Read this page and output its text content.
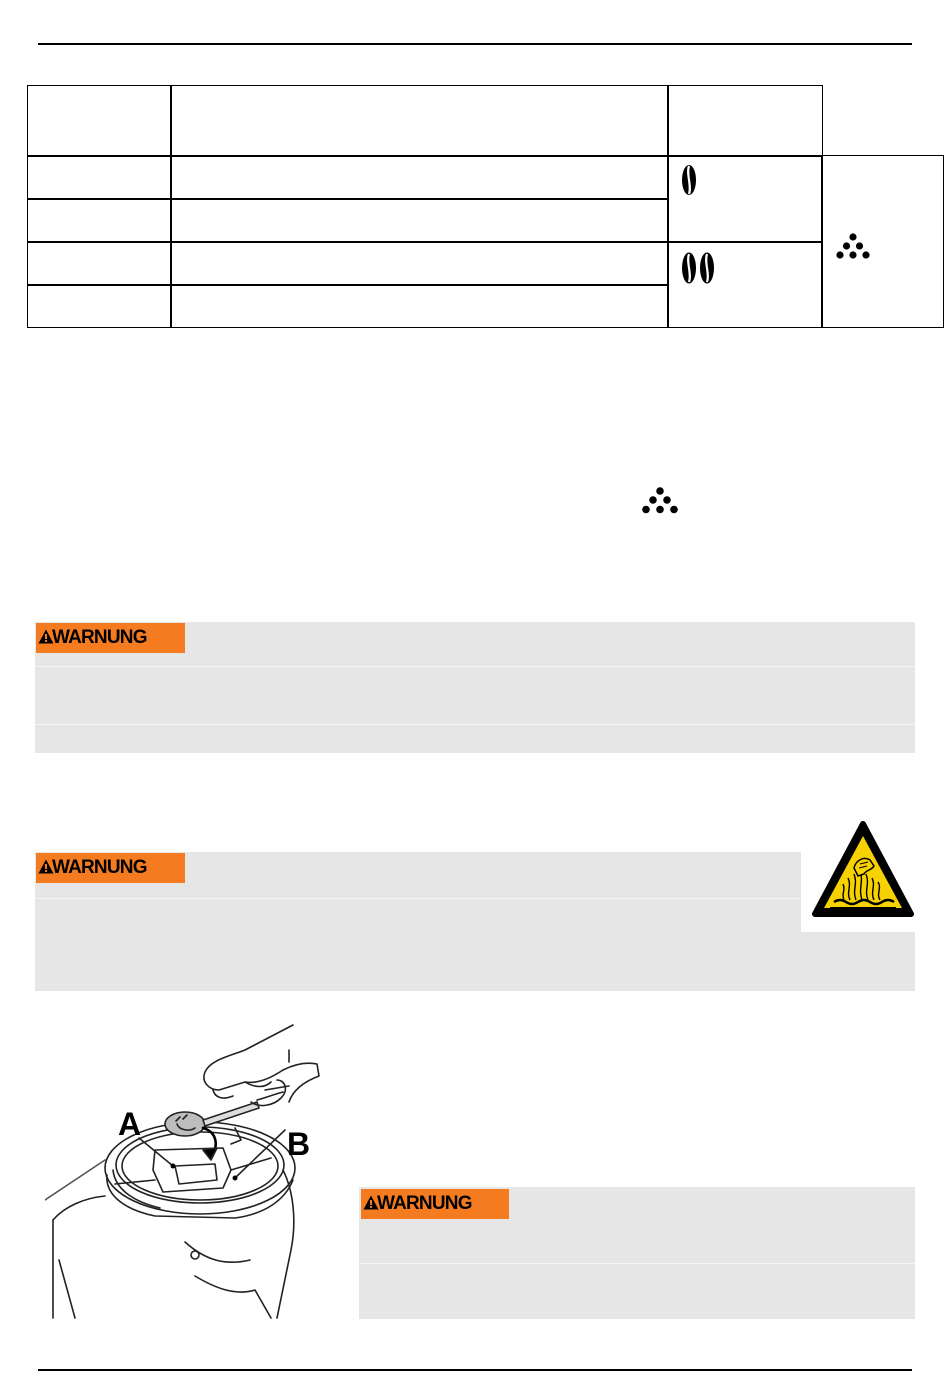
WARNUNG
WARNUNG
A
B
WARNUNG
